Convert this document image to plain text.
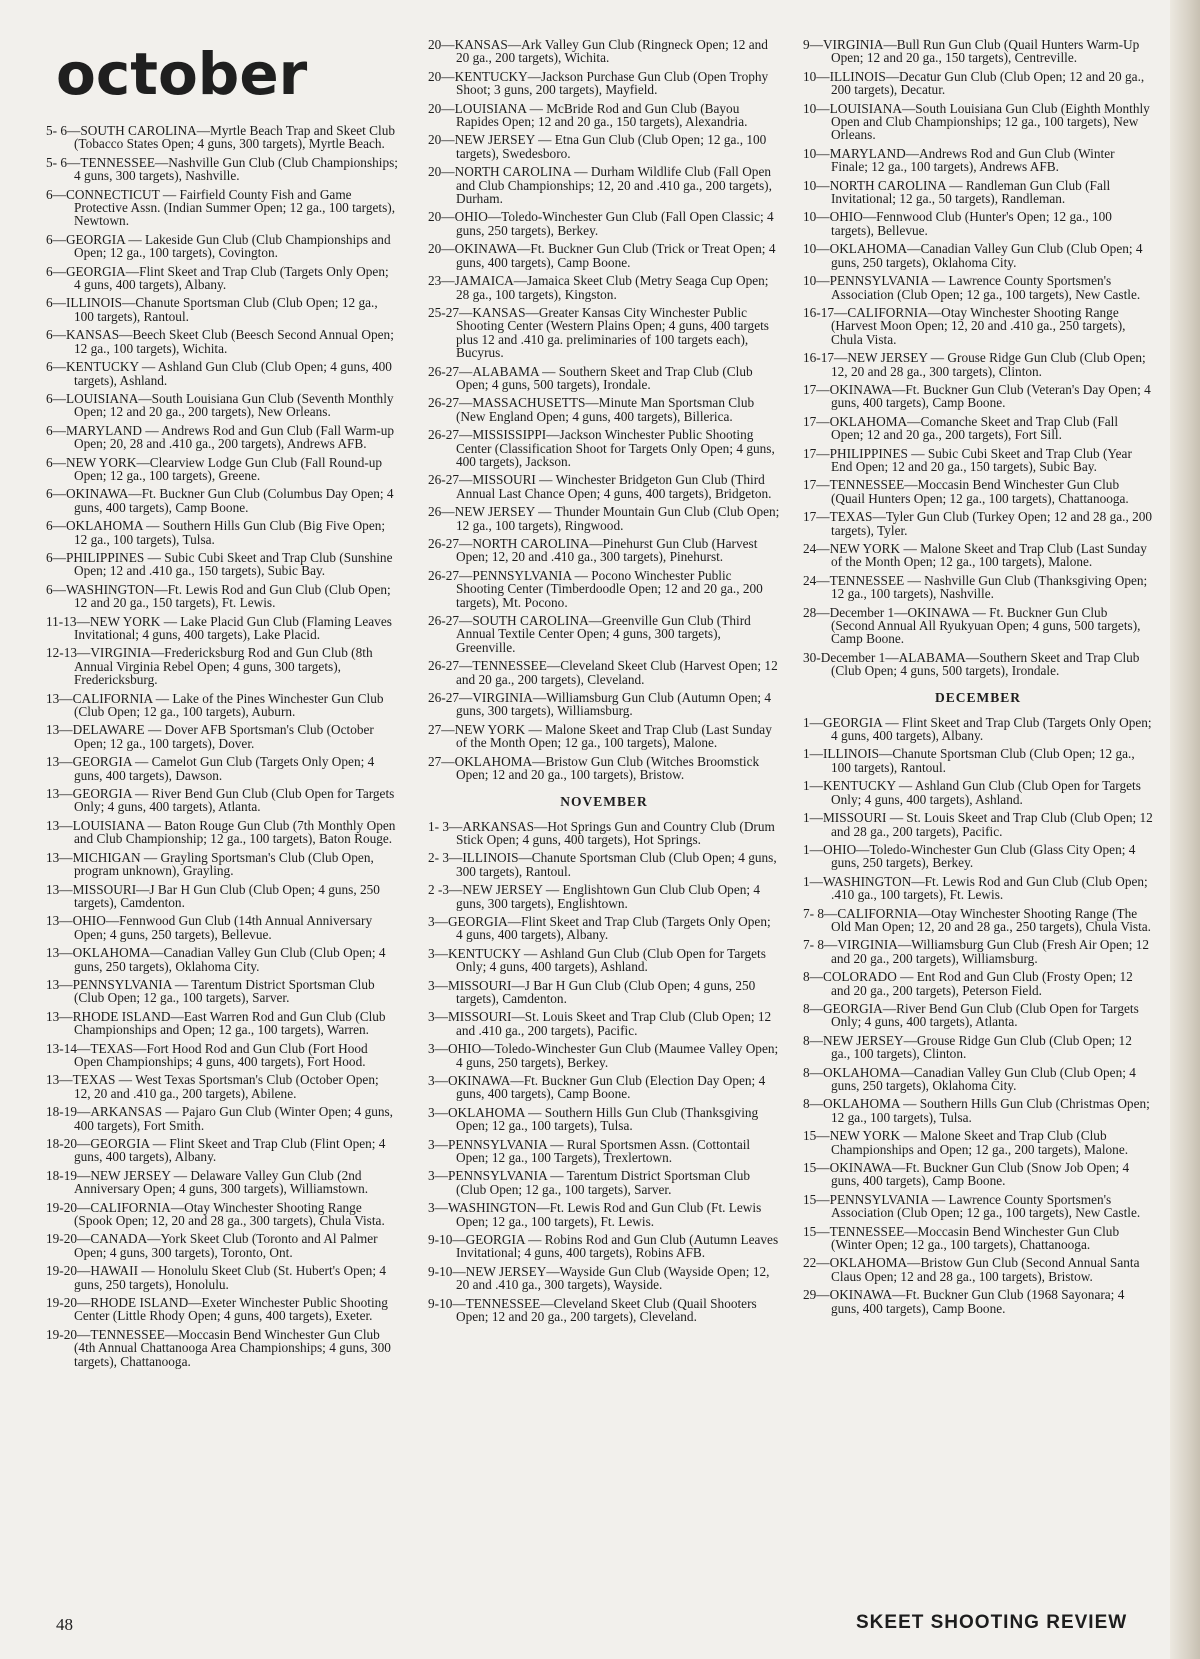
october

5- 6—SOUTH CAROLINA—Myrtle Beach Trap and Skeet Club (Tobacco States Open; 4 guns, 300 targets), Myrtle Beach.

5- 6—TENNESSEE—Nashville Gun Club (Club Championships; 4 guns, 300 targets), Nashville.

6—CONNECTICUT — Fairfield County Fish and Game Protective Assn. (Indian Summer Open; 12 ga., 100 targets), Newtown.

6—GEORGIA — Lakeside Gun Club (Club Championships and Open; 12 ga., 100 targets), Covington.

6—GEORGIA—Flint Skeet and Trap Club (Targets Only Open; 4 guns, 400 targets), Albany.

6—ILLINOIS—Chanute Sportsman Club (Club Open; 12 ga., 100 targets), Rantoul.

6—KANSAS—Beech Skeet Club (Beesch Second Annual Open; 12 ga., 100 targets), Wichita.

6—KENTUCKY — Ashland Gun Club (Club Open; 4 guns, 400 targets), Ashland.

6—LOUISIANA—South Louisiana Gun Club (Seventh Monthly Open; 12 and 20 ga., 200 targets), New Orleans.

6—MARYLAND — Andrews Rod and Gun Club (Fall Warm-up Open; 20, 28 and .410 ga., 200 targets), Andrews AFB.

6—NEW YORK—Clearview Lodge Gun Club (Fall Round-up Open; 12 ga., 100 targets), Greene.

6—OKINAWA—Ft. Buckner Gun Club (Columbus Day Open; 4 guns, 400 targets), Camp Boone.

6—OKLAHOMA — Southern Hills Gun Club (Big Five Open; 12 ga., 100 targets), Tulsa.

6—PHILIPPINES — Subic Cubi Skeet and Trap Club (Sunshine Open; 12 and .410 ga., 150 targets), Subic Bay.

6—WASHINGTON—Ft. Lewis Rod and Gun Club (Club Open; 12 and 20 ga., 150 targets), Ft. Lewis.

11-13—NEW YORK — Lake Placid Gun Club (Flaming Leaves Invitational; 4 guns, 400 targets), Lake Placid.

12-13—VIRGINIA—Fredericksburg Rod and Gun Club (8th Annual Virginia Rebel Open; 4 guns, 300 targets), Fredericksburg.

13—CALIFORNIA — Lake of the Pines Winchester Gun Club (Club Open; 12 ga., 100 targets), Auburn.

13—DELAWARE — Dover AFB Sportsman's Club (October Open; 12 ga., 100 targets), Dover.

13—GEORGIA — Camelot Gun Club (Targets Only Open; 4 guns, 400 targets), Dawson.

13—GEORGIA — River Bend Gun Club (Club Open for Targets Only; 4 guns, 400 targets), Atlanta.

13—LOUISIANA — Baton Rouge Gun Club (7th Monthly Open and Club Championship; 12 ga., 100 targets), Baton Rouge.

13—MICHIGAN — Grayling Sportsman's Club (Club Open, program unknown), Grayling.

13—MISSOURI—J Bar H Gun Club (Club Open; 4 guns, 250 targets), Camdenton.

13—OHIO—Fennwood Gun Club (14th Annual Anniversary Open; 4 guns, 250 targets), Bellevue.

13—OKLAHOMA—Canadian Valley Gun Club (Club Open; 4 guns, 250 targets), Oklahoma City.

13—PENNSYLVANIA — Tarentum District Sportsman Club (Club Open; 12 ga., 100 targets), Sarver.

13—RHODE ISLAND—East Warren Rod and Gun Club (Club Championships and Open; 12 ga., 100 targets), Warren.

13-14—TEXAS—Fort Hood Rod and Gun Club (Fort Hood Open Championships; 4 guns, 400 targets), Fort Hood.

13—TEXAS — West Texas Sportsman's Club (October Open; 12, 20 and .410 ga., 200 targets), Abilene.

18-19—ARKANSAS — Pajaro Gun Club (Winter Open; 4 guns, 400 targets), Fort Smith.

18-20—GEORGIA — Flint Skeet and Trap Club (Flint Open; 4 guns, 400 targets), Albany.

18-19—NEW JERSEY — Delaware Valley Gun Club (2nd Anniversary Open; 4 guns, 300 targets), Williamstown.

19-20—CALIFORNIA—Otay Winchester Shooting Range (Spook Open; 12, 20 and 28 ga., 300 targets), Chula Vista.

19-20—CANADA—York Skeet Club (Toronto and Al Palmer Open; 4 guns, 300 targets), Toronto, Ont.

19-20—HAWAII — Honolulu Skeet Club (St. Hubert's Open; 4 guns, 250 targets), Honolulu.

19-20—RHODE ISLAND—Exeter Winchester Public Shooting Center (Little Rhody Open; 4 guns, 400 targets), Exeter.

19-20—TENNESSEE—Moccasin Bend Winchester Gun Club (4th Annual Chattanooga Area Championships; 4 guns, 300 targets), Chattanooga.

20—KANSAS—Ark Valley Gun Club (Ringneck Open; 12 and 20 ga., 200 targets), Wichita.

20—KENTUCKY—Jackson Purchase Gun Club (Open Trophy Shoot; 3 guns, 200 targets), Mayfield.

20—LOUISIANA — McBride Rod and Gun Club (Bayou Rapides Open; 12 and 20 ga., 150 targets), Alexandria.

20—NEW JERSEY — Etna Gun Club (Club Open; 12 ga., 100 targets), Swedesboro.

20—NORTH CAROLINA — Durham Wildlife Club (Fall Open and Club Championships; 12, 20 and .410 ga., 200 targets), Durham.

20—OHIO—Toledo-Winchester Gun Club (Fall Open Classic; 4 guns, 250 targets), Berkey.

20—OKINAWA—Ft. Buckner Gun Club (Trick or Treat Open; 4 guns, 400 targets), Camp Boone.

23—JAMAICA—Jamaica Skeet Club (Metry Seaga Cup Open; 28 ga., 100 targets), Kingston.

25-27—KANSAS—Greater Kansas City Winchester Public Shooting Center (Western Plains Open; 4 guns, 400 targets plus 12 and .410 ga. preliminaries of 100 targets each), Bucyrus.

26-27—ALABAMA — Southern Skeet and Trap Club (Club Open; 4 guns, 500 targets), Irondale.

26-27—MASSACHUSETTS—Minute Man Sportsman Club (New England Open; 4 guns, 400 targets), Billerica.

26-27—MISSISSIPPI—Jackson Winchester Public Shooting Center (Classification Shoot for Targets Only Open; 4 guns, 400 targets), Jackson.

26-27—MISSOURI — Winchester Bridgeton Gun Club (Third Annual Last Chance Open; 4 guns, 400 targets), Bridgeton.

26—NEW JERSEY — Thunder Mountain Gun Club (Club Open; 12 ga., 100 targets), Ringwood.

26-27—NORTH CAROLINA—Pinehurst Gun Club (Harvest Open; 12, 20 and .410 ga., 300 targets), Pinehurst.

26-27—PENNSYLVANIA — Pocono Winchester Public Shooting Center (Timberdoodle Open; 12 and 20 ga., 200 targets), Mt. Pocono.

26-27—SOUTH CAROLINA—Greenville Gun Club (Third Annual Textile Center Open; 4 guns, 300 targets), Greenville.

26-27—TENNESSEE—Cleveland Skeet Club (Harvest Open; 12 and 20 ga., 200 targets), Cleveland.

26-27—VIRGINIA—Williamsburg Gun Club (Autumn Open; 4 guns, 300 targets), Williamsburg.

27—NEW YORK — Malone Skeet and Trap Club (Last Sunday of the Month Open; 12 ga., 100 targets), Malone.

27—OKLAHOMA—Bristow Gun Club (Witches Broomstick Open; 12 and 20 ga., 100 targets), Bristow.

NOVEMBER

1- 3—ARKANSAS—Hot Springs Gun and Country Club (Drum Stick Open; 4 guns, 400 targets), Hot Springs.

2- 3—ILLINOIS—Chanute Sportsman Club (Club Open; 4 guns, 300 targets), Rantoul.

2 -3—NEW JERSEY — Englishtown Gun Club Club Open; 4 guns, 300 targets), Englishtown.

3—GEORGIA—Flint Skeet and Trap Club (Targets Only Open; 4 guns, 400 targets), Albany.

3—KENTUCKY — Ashland Gun Club (Club Open for Targets Only; 4 guns, 400 targets), Ashland.

3—MISSOURI—J Bar H Gun Club (Club Open; 4 guns, 250 targets), Camdenton.

3—MISSOURI—St. Louis Skeet and Trap Club (Club Open; 12 and .410 ga., 200 targets), Pacific.

3—OHIO—Toledo-Winchester Gun Club (Maumee Valley Open; 4 guns, 250 targets), Berkey.

3—OKINAWA—Ft. Buckner Gun Club (Election Day Open; 4 guns, 400 targets), Camp Boone.

3—OKLAHOMA — Southern Hills Gun Club (Thanksgiving Open; 12 ga., 100 targets), Tulsa.

3—PENNSYLVANIA — Rural Sportsmen Assn. (Cottontail Open; 12 ga., 100 Targets), Trexlertown.

3—PENNSYLVANIA — Tarentum District Sportsman Club (Club Open; 12 ga., 100 targets), Sarver.

3—WASHINGTON—Ft. Lewis Rod and Gun Club (Ft. Lewis Open; 12 ga., 100 targets), Ft. Lewis.

9-10—GEORGIA — Robins Rod and Gun Club (Autumn Leaves Invitational; 4 guns, 400 targets), Robins AFB.

9-10—NEW JERSEY—Wayside Gun Club (Wayside Open; 12, 20 and .410 ga., 300 targets), Wayside.

9-10—TENNESSEE—Cleveland Skeet Club (Quail Shooters Open; 12 and 20 ga., 200 targets), Cleveland.

9—VIRGINIA—Bull Run Gun Club (Quail Hunters Warm-Up Open; 12 and 20 ga., 150 targets), Centreville.

10—ILLINOIS—Decatur Gun Club (Club Open; 12 and 20 ga., 200 targets), Decatur.

10—LOUISIANA—South Louisiana Gun Club (Eighth Monthly Open and Club Championships; 12 ga., 100 targets), New Orleans.

10—MARYLAND—Andrews Rod and Gun Club (Winter Finale; 12 ga., 100 targets), Andrews AFB.

10—NORTH CAROLINA — Randleman Gun Club (Fall Invitational; 12 ga., 50 targets), Randleman.

10—OHIO—Fennwood Club (Hunter's Open; 12 ga., 100 targets), Bellevue.

10—OKLAHOMA—Canadian Valley Gun Club (Club Open; 4 guns, 250 targets), Oklahoma City.

10—PENNSYLVANIA — Lawrence County Sportsmen's Association (Club Open; 12 ga., 100 targets), New Castle.

16-17—CALIFORNIA—Otay Winchester Shooting Range (Harvest Moon Open; 12, 20 and .410 ga., 250 targets), Chula Vista.

16-17—NEW JERSEY — Grouse Ridge Gun Club (Club Open; 12, 20 and 28 ga., 300 targets), Clinton.

17—OKINAWA—Ft. Buckner Gun Club (Veteran's Day Open; 4 guns, 400 targets), Camp Boone.

17—OKLAHOMA—Comanche Skeet and Trap Club (Fall Open; 12 and 20 ga., 200 targets), Fort Sill.

17—PHILIPPINES — Subic Cubi Skeet and Trap Club (Year End Open; 12 and 20 ga., 150 targets), Subic Bay.

17—TENNESSEE—Moccasin Bend Winchester Gun Club (Quail Hunters Open; 12 ga., 100 targets), Chattanooga.

17—TEXAS—Tyler Gun Club (Turkey Open; 12 and 28 ga., 200 targets), Tyler.

24—NEW YORK — Malone Skeet and Trap Club (Last Sunday of the Month Open; 12 ga., 100 targets), Malone.

24—TENNESSEE — Nashville Gun Club (Thanksgiving Open; 12 ga., 100 targets), Nashville.

28—December 1—OKINAWA — Ft. Buckner Gun Club (Second Annual All Ryukyuan Open; 4 guns, 500 targets), Camp Boone.

30-December 1—ALABAMA—Southern Skeet and Trap Club (Club Open; 4 guns, 500 targets), Irondale.

DECEMBER

1—GEORGIA — Flint Skeet and Trap Club (Targets Only Open; 4 guns, 400 targets), Albany.

1—ILLINOIS—Chanute Sportsman Club (Club Open; 12 ga., 100 targets), Rantoul.

1—KENTUCKY — Ashland Gun Club (Club Open for Targets Only; 4 guns, 400 targets), Ashland.

1—MISSOURI — St. Louis Skeet and Trap Club (Club Open; 12 and 28 ga., 200 targets), Pacific.

1—OHIO—Toledo-Winchester Gun Club (Glass City Open; 4 guns, 250 targets), Berkey.

1—WASHINGTON—Ft. Lewis Rod and Gun Club (Club Open; .410 ga., 100 targets), Ft. Lewis.

7- 8—CALIFORNIA—Otay Winchester Shooting Range (The Old Man Open; 12, 20 and 28 ga., 250 targets), Chula Vista.

7- 8—VIRGINIA—Williamsburg Gun Club (Fresh Air Open; 12 and 20 ga., 200 targets), Williamsburg.

8—COLORADO — Ent Rod and Gun Club (Frosty Open; 12 and 20 ga., 200 targets), Peterson Field.

8—GEORGIA—River Bend Gun Club (Club Open for Targets Only; 4 guns, 400 targets), Atlanta.

8—NEW JERSEY—Grouse Ridge Gun Club (Club Open; 12 ga., 100 targets), Clinton.

8—OKLAHOMA—Canadian Valley Gun Club (Club Open; 4 guns, 250 targets), Oklahoma City.

8—OKLAHOMA — Southern Hills Gun Club (Christmas Open; 12 ga., 100 targets), Tulsa.

15—NEW YORK — Malone Skeet and Trap Club (Club Championships and Open; 12 ga., 200 targets), Malone.

15—OKINAWA—Ft. Buckner Gun Club (Snow Job Open; 4 guns, 400 targets), Camp Boone.

15—PENNSYLVANIA — Lawrence County Sportsmen's Association (Club Open; 12 ga., 100 targets), New Castle.

15—TENNESSEE—Moccasin Bend Winchester Gun Club (Winter Open; 12 ga., 100 targets), Chattanooga.

22—OKLAHOMA—Bristow Gun Club (Second Annual Santa Claus Open; 12 and 28 ga., 100 targets), Bristow.

29—OKINAWA—Ft. Buckner Gun Club (1968 Sayonara; 4 guns, 400 targets), Camp Boone.

48	SKEET SHOOTING REVIEW
